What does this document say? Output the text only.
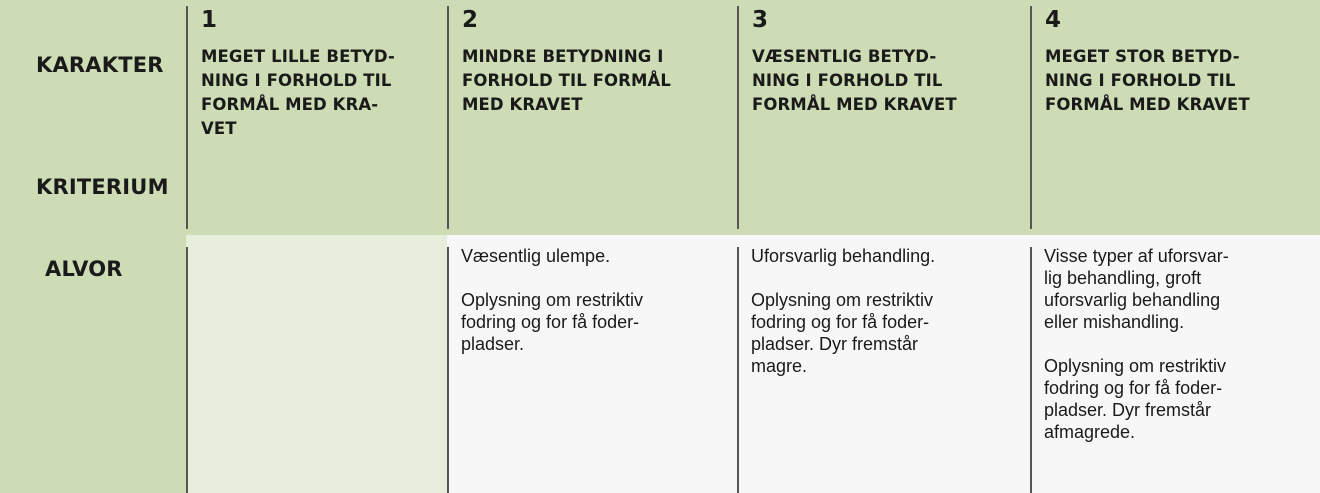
KARAKTER
KRITERIUM
1
MEGET LILLE BETYD-
NING I FORHOLD TIL
FORMÅL MED KRA-
VET
2
MINDRE BETYDNING I
FORHOLD TIL FORMÅL
MED KRAVET
3
VÆSENTLIG BETYD-
NING I FORHOLD TIL
FORMÅL MED KRAVET
4
MEGET STOR BETYD-
NING I FORHOLD TIL
FORMÅL MED KRAVET
ALVOR

Væsentlig ulempe.

Oplysning om restriktiv
fodring og for få foder-
pladser.

Uforsvarlig behandling.

Oplysning om restriktiv
fodring og for få foder-
pladser. Dyr fremstår
magre.

Visse typer af uforsvar-
lig behandling, groft
uforsvarlig behandling
eller mishandling.

Oplysning om restriktiv
fodring og for få foder-
pladser. Dyr fremstår
afmagrede.
